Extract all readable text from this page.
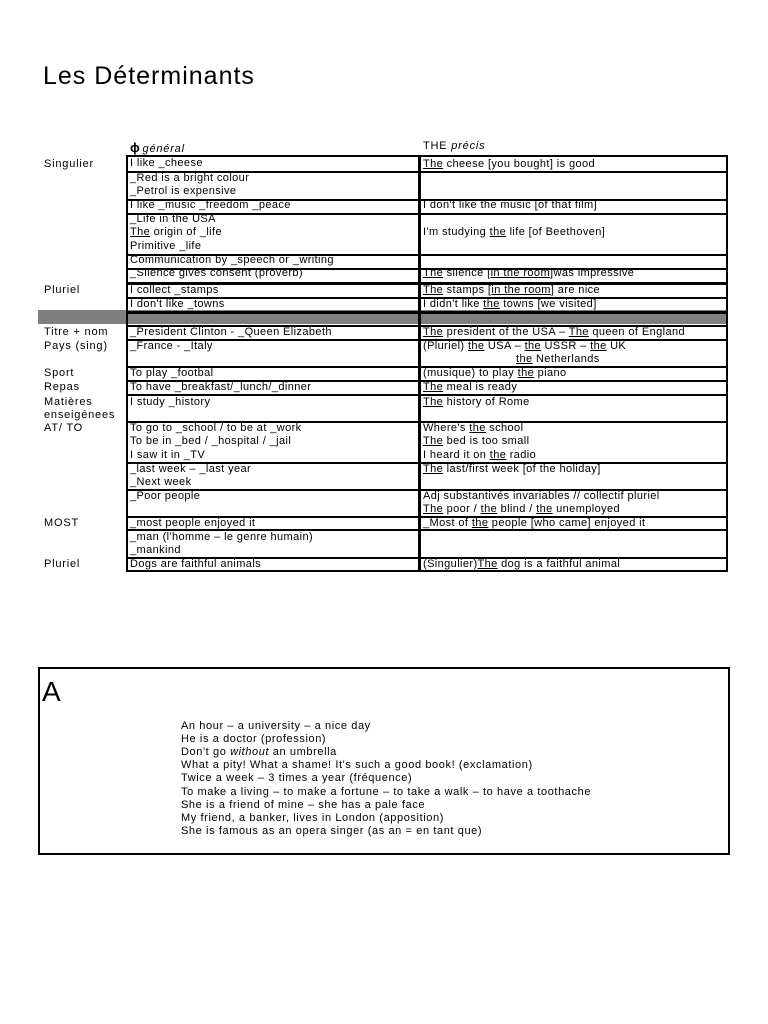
Les Déterminants
ϕ général	THE précis
Singulier
Pluriel
Titre + nom
Pays (sing)
Sport
Repas
Matières
enseigénees
AT/ TO
MOST
Pluriel
I like _cheese
_Red is a bright colour
_Petrol is expensive
I like _music _freedom _peace
_Life in the USA
The origin of _life
Primitive _life
Communication by _speech or _writing
_Silence gives consent (proverb)
I collect _stamps
I don't like _towns
_President Clinton - _Queen Elizabeth
_France - _Italy
To play _footbal
To have _breakfast/_lunch/_dinner
I study _history
To go to _school / to be at _work
To be in _bed / _hospital / _jail
I saw it in _TV
_last week – _last year
_Next week
_Poor people
_most people enjoyed it
_man (l'homme – le genre humain)
_mankind
Dogs are faithful animals
The cheese [you bought] is good
I don't like the music [of that film]
I'm studying the life [of Beethoven]
The silence [in the room]was impressive
The stamps [in the room] are nice
I didn't like the towns [we visited]
The president of the USA – The queen of England
(Pluriel) the USA – the USSR – the UK
the Netherlands
(musique) to play the piano
The meal is ready
The history of Rome
Where's the school
The bed is too small
I heard it on the radio
The last/first week [of the holiday]
Adj substantivés invariables // collectif pluriel
The poor / the blind / the unemployed
_Most of the people [who came] enjoyed it
(Singulier)The dog is a faithful animal
A
An hour – a university – a nice day
He is a doctor (profession)
Don't go without an umbrella
What a pity! What a shame! It's such a good book! (exclamation)
Twice a week – 3 times a year (fréquence)
To make a living – to make a fortune – to take a walk – to have a toothache
She is a friend of mine – she has a pale face
My friend, a banker, lives in London (apposition)
She is famous as an opera singer (as an = en tant que)
